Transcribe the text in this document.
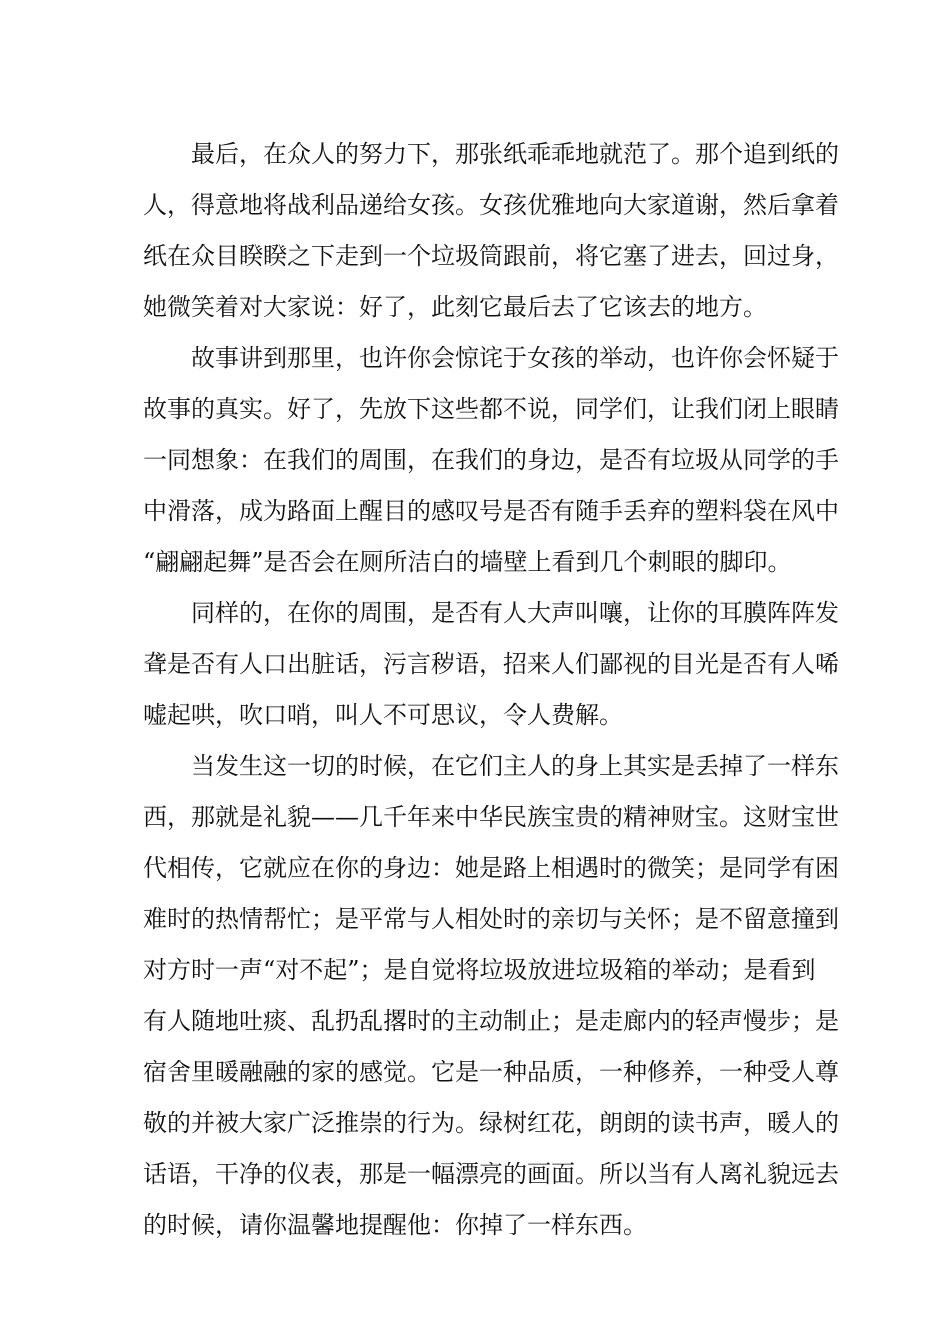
最后，在众人的努力下，那张纸乖乖地就范了。那个追到纸的
人，得意地将战利品递给女孩。女孩优雅地向大家道谢，然后拿着
纸在众目睽睽之下走到一个垃圾筒跟前，将它塞了进去，回过身，
她微笑着对大家说：好了，此刻它最后去了它该去的地方。
故事讲到那里，也许你会惊诧于女孩的举动，也许你会怀疑于
故事的真实。好了，先放下这些都不说，同学们，让我们闭上眼睛
一同想象：在我们的周围，在我们的身边，是否有垃圾从同学的手
中滑落，成为路面上醒目的感叹号是否有随手丢弃的塑料袋在风中
“翩翩起舞”是否会在厕所洁白的墙壁上看到几个刺眼的脚印。
同样的，在你的周围，是否有人大声叫嚷，让你的耳膜阵阵发
聋是否有人口出脏话，污言秽语，招来人们鄙视的目光是否有人唏
嘘起哄，吹口哨，叫人不可思议，令人费解。
当发生这一切的时候，在它们主人的身上其实是丢掉了一样东
西，那就是礼貌——几千年来中华民族宝贵的精神财宝。这财宝世
代相传，它就应在你的身边：她是路上相遇时的微笑；是同学有困
难时的热情帮忙；是平常与人相处时的亲切与关怀；是不留意撞到
对方时一声“对不起”；是自觉将垃圾放进垃圾箱的举动；是看到
有人随地吐痰、乱扔乱撂时的主动制止；是走廊内的轻声慢步；是
宿舍里暖融融的家的感觉。它是一种品质，一种修养，一种受人尊
敬的并被大家广泛推崇的行为。绿树红花，朗朗的读书声，暖人的
话语，干净的仪表，那是一幅漂亮的画面。所以当有人离礼貌远去
的时候，请你温馨地提醒他：你掉了一样东西。
